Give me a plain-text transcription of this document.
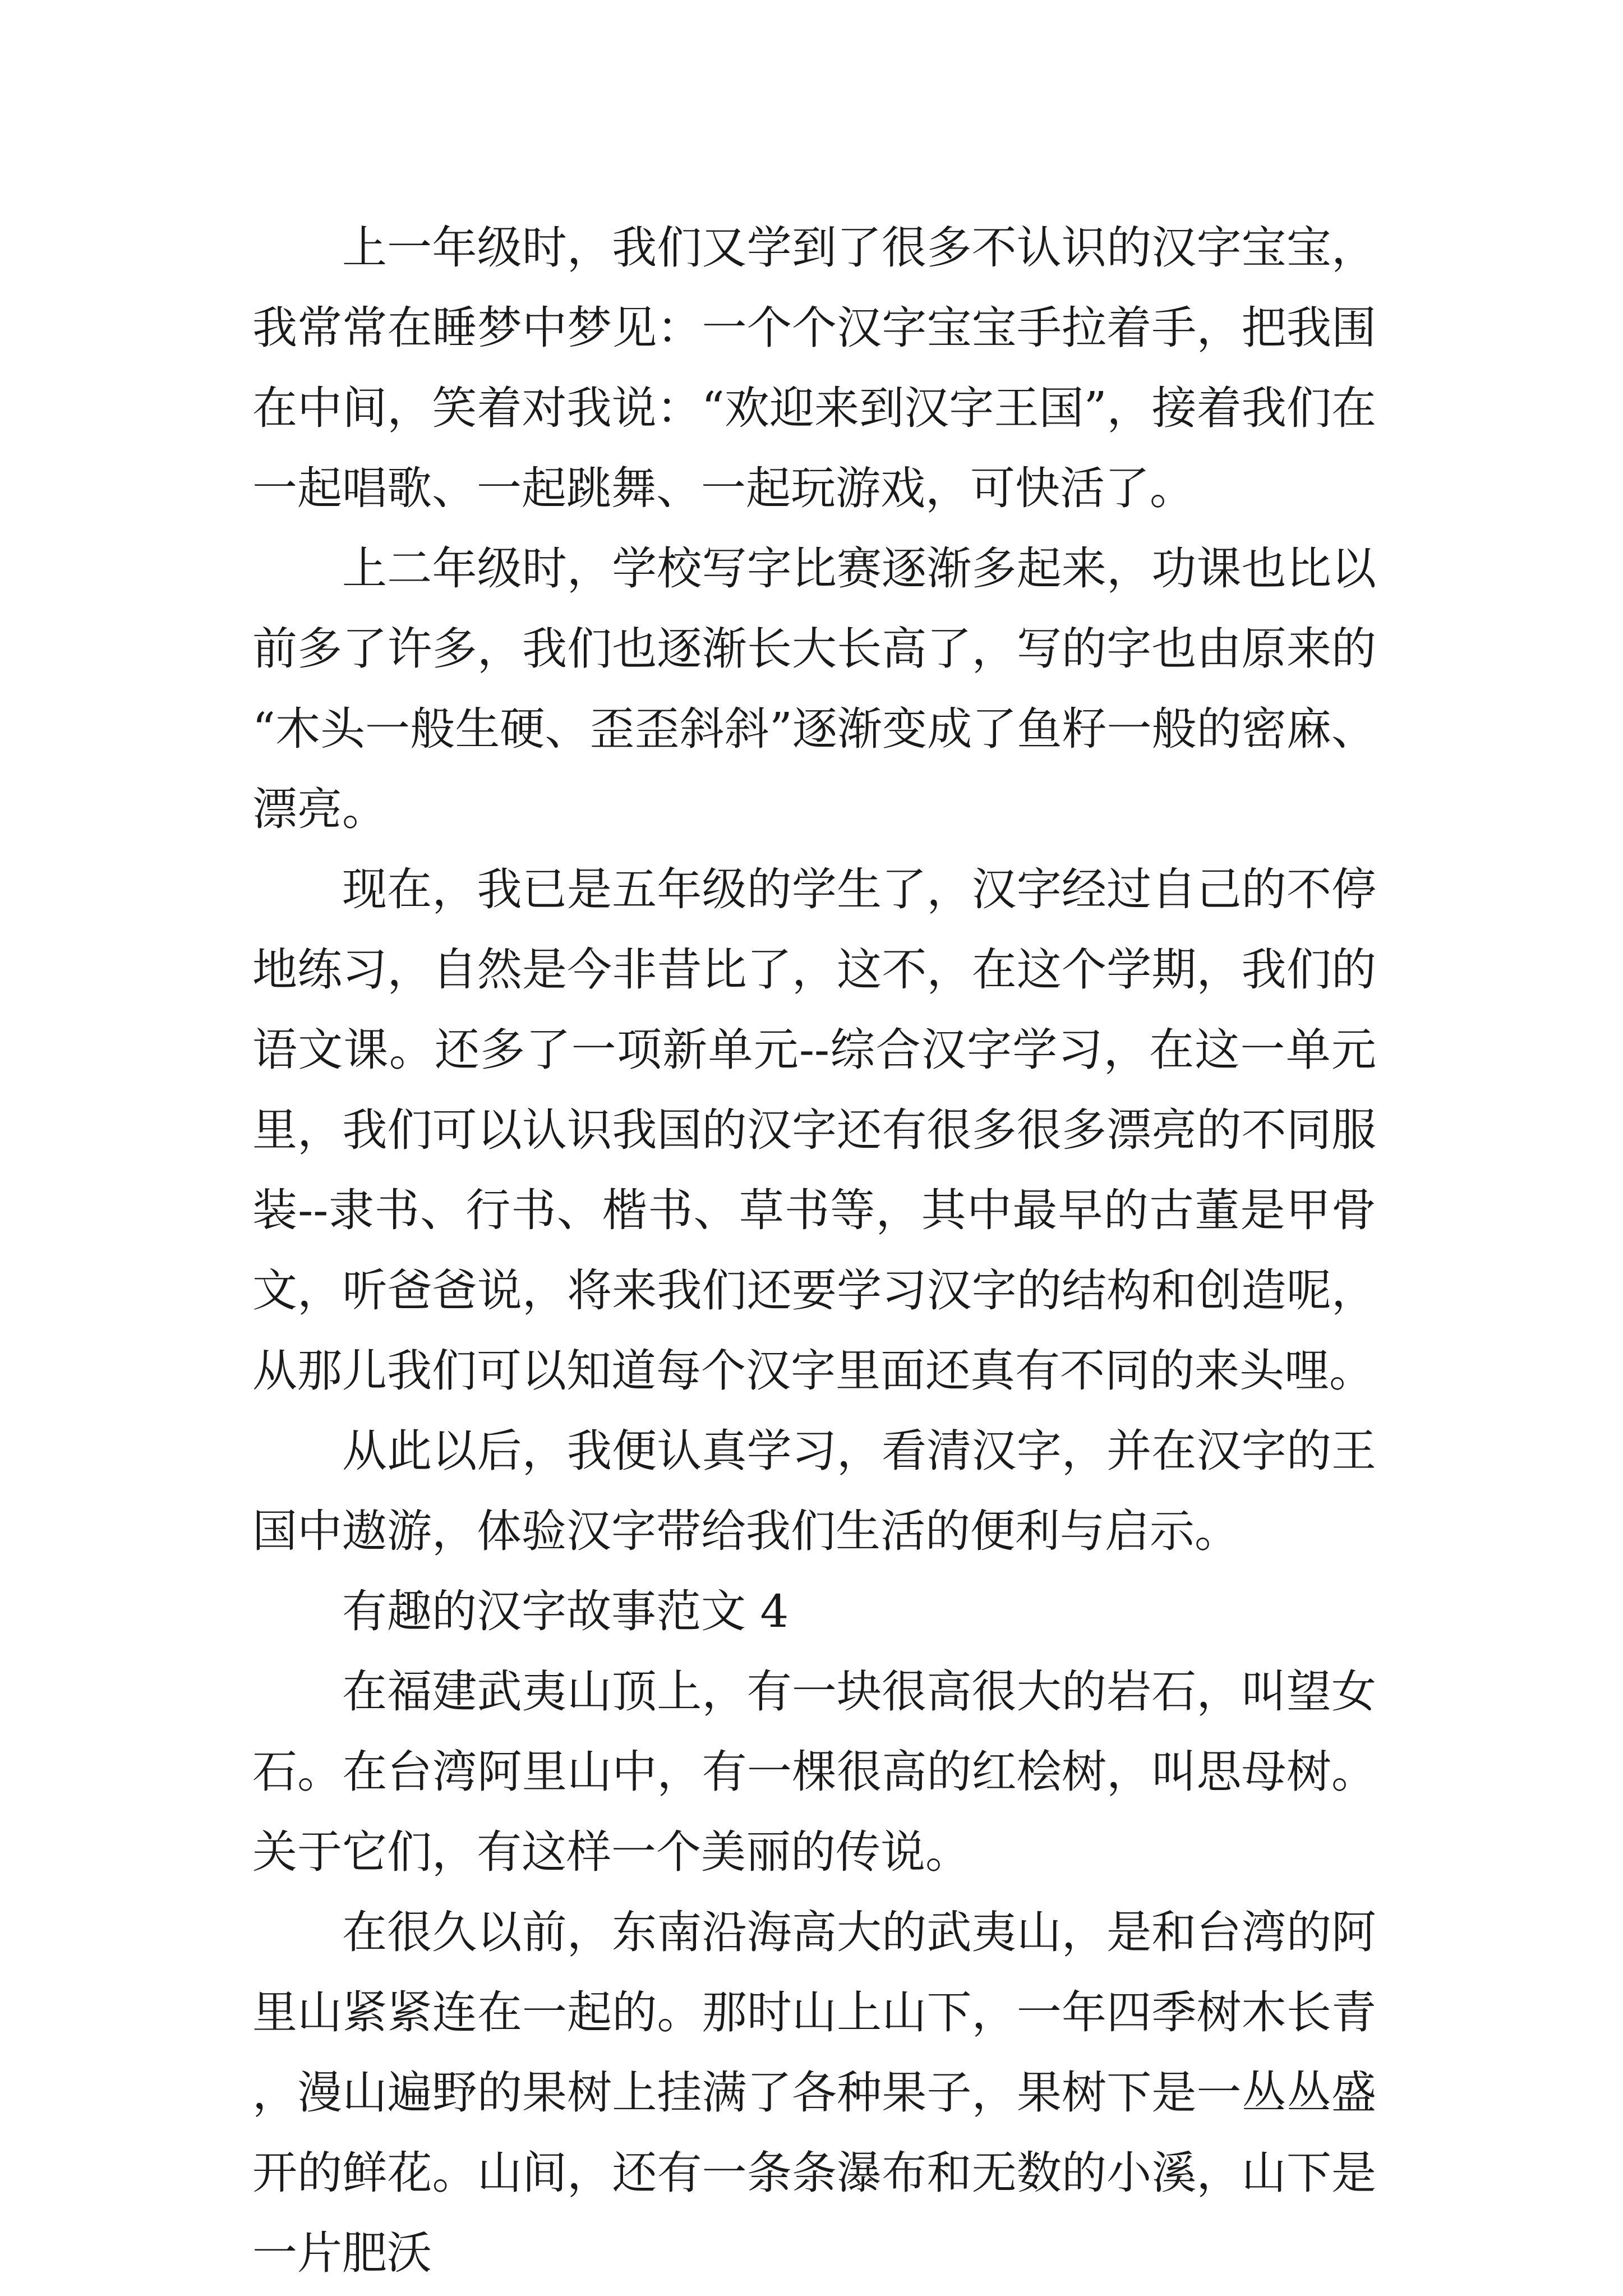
上一年级时，我们又学到了很多不认识的汉字宝宝，我常常在睡梦中梦见：一个个汉字宝宝手拉着手，把我围在中间，笑着对我说：“欢迎来到汉字王国”，接着我们在一起唱歌、一起跳舞、一起玩游戏，可快活了。

上二年级时，学校写字比赛逐渐多起来，功课也比以前多了许多，我们也逐渐长大长高了，写的字也由原来的“木头一般生硬、歪歪斜斜”逐渐变成了鱼籽一般的密麻、漂亮。

现在，我已是五年级的学生了，汉字经过自己的不停地练习，自然是今非昔比了，这不，在这个学期，我们的语文课。还多了一项新单元--综合汉字学习，在这一单元里，我们可以认识我国的汉字还有很多很多漂亮的不同服装--隶书、行书、楷书、草书等，其中最早的古董是甲骨文，听爸爸说，将来我们还要学习汉字的结构和创造呢，从那儿我们可以知道每个汉字里面还真有不同的来头哩。

从此以后，我便认真学习，看清汉字，并在汉字的王国中遨游，体验汉字带给我们生活的便利与启示。

有趣的汉字故事范文 4

在福建武夷山顶上，有一块很高很大的岩石，叫望女石。在台湾阿里山中，有一棵很高的红桧树，叫思母树。关于它们，有这样一个美丽的传说。

在很久以前，东南沿海高大的武夷山，是和台湾的阿里山紧紧连在一起的。那时山上山下，一年四季树木长青，漫山遍野的果树上挂满了各种果子，果树下是一丛丛盛开的鲜花。山间，还有一条条瀑布和无数的小溪，山下是一片肥沃
